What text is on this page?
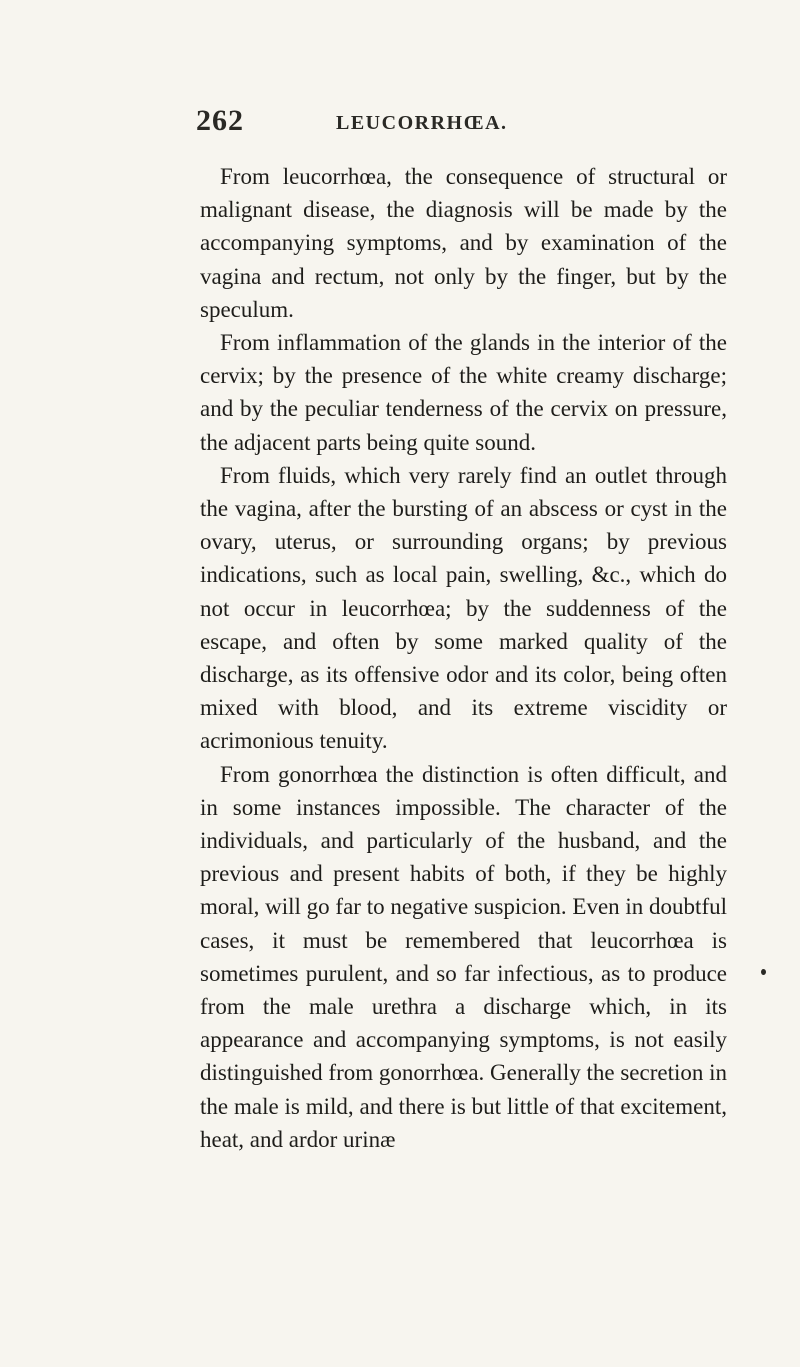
262	LEUCORRHŒA.

From leucorrhœa, the consequence of structural or malignant disease, the diagnosis will be made by the accompanying symptoms, and by examination of the vagina and rectum, not only by the finger, but by the speculum.

From inflammation of the glands in the interior of the cervix; by the presence of the white creamy discharge; and by the peculiar tenderness of the cervix on pressure, the adjacent parts being quite sound.

From fluids, which very rarely find an outlet through the vagina, after the bursting of an abscess or cyst in the ovary, uterus, or surrounding organs; by previous indications, such as local pain, swelling, &c., which do not occur in leucorrhœa; by the suddenness of the escape, and often by some marked quality of the discharge, as its offensive odor and its color, being often mixed with blood, and its extreme viscidity or acrimonious tenuity.

From gonorrhœa the distinction is often difficult, and in some instances impossible. The character of the individuals, and particularly of the husband, and the previous and present habits of both, if they be highly moral, will go far to negative suspicion. Even in doubtful cases, it must be remembered that leucorrhœa is sometimes purulent, and so far infectious, as to produce from the male urethra a discharge which, in its appearance and accompanying symptoms, is not easily distinguished from gonorrhœa. Generally the secretion in the male is mild, and there is but little of that excitement, heat, and ardor urinæ
